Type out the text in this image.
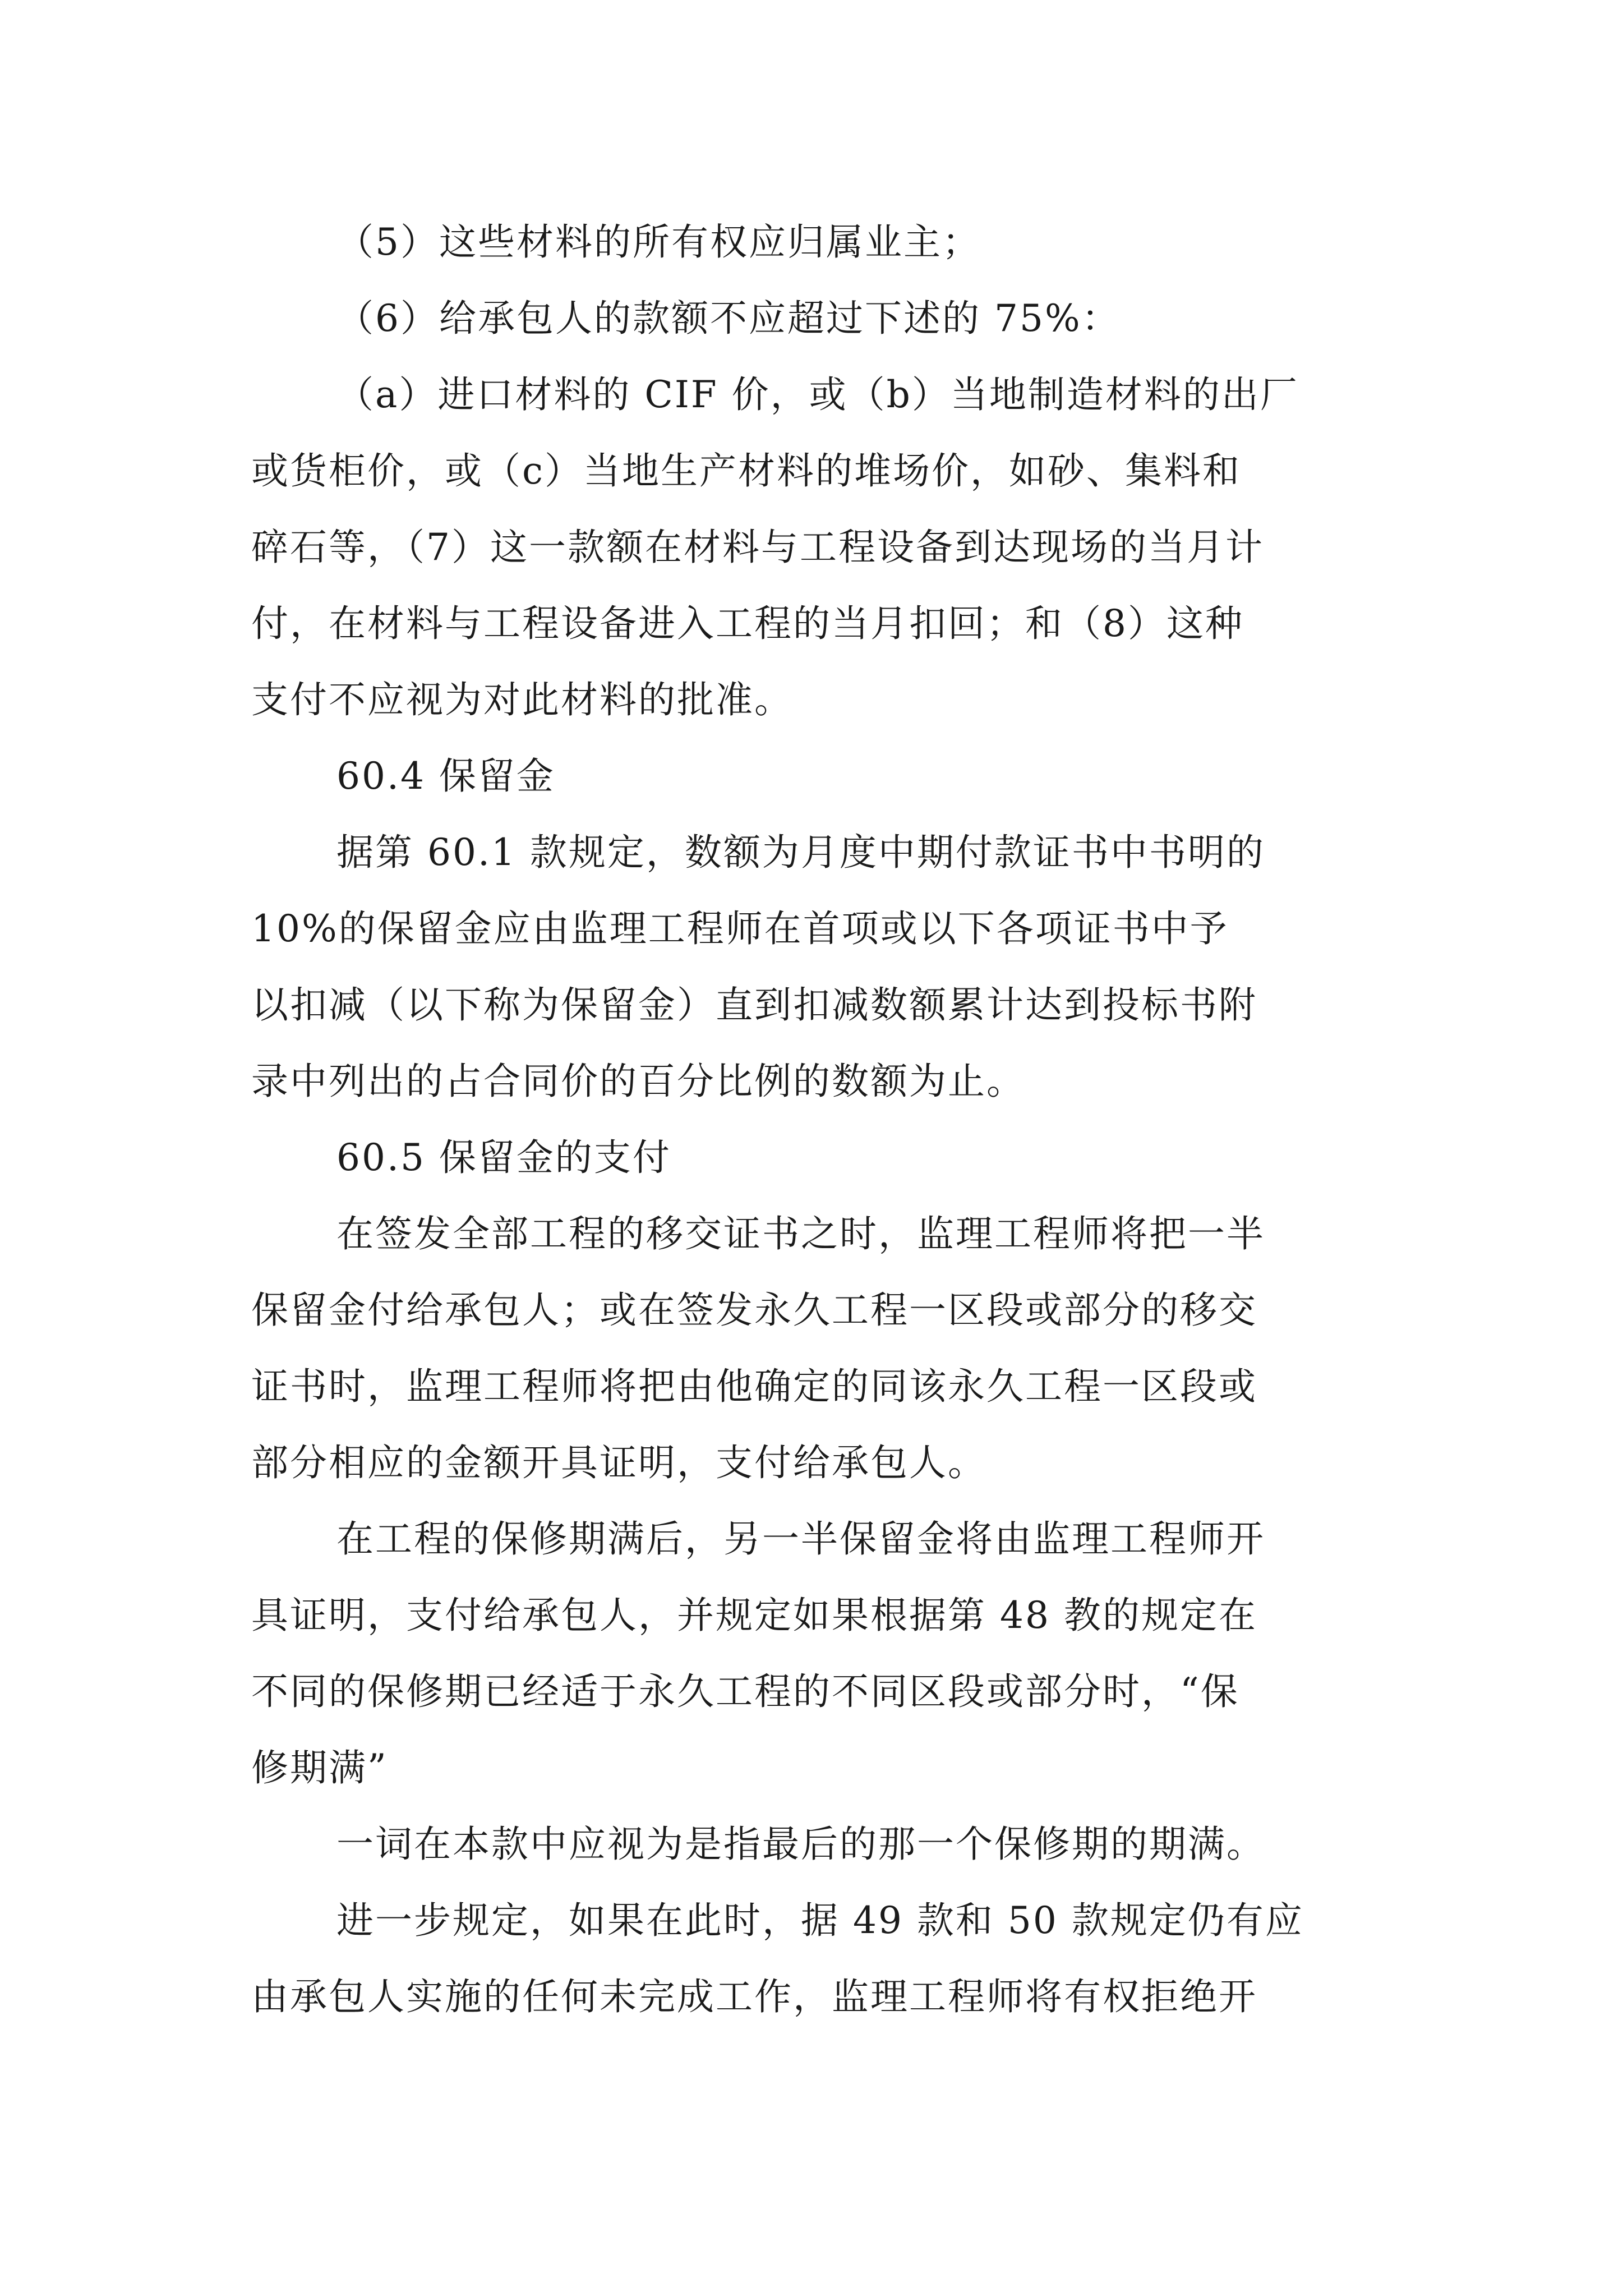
（5）这些材料的所有权应归属业主；

（6）给承包人的款额不应超过下述的 75%：

（a）进口材料的 CIF 价，或（b）当地制造材料的出厂

或货柜价，或（c）当地生产材料的堆场价，如砂、集料和

碎石等，（7）这一款额在材料与工程设备到达现场的当月计

付，在材料与工程设备进入工程的当月扣回；和（8）这种

支付不应视为对此材料的批准。

60.4 保留金

据第 60.1 款规定，数额为月度中期付款证书中书明的

10%的保留金应由监理工程师在首项或以下各项证书中予

以扣减（以下称为保留金）直到扣减数额累计达到投标书附

录中列出的占合同价的百分比例的数额为止。

60.5 保留金的支付

在签发全部工程的移交证书之时，监理工程师将把一半

保留金付给承包人；或在签发永久工程一区段或部分的移交

证书时，监理工程师将把由他确定的同该永久工程一区段或

部分相应的金额开具证明，支付给承包人。

在工程的保修期满后，另一半保留金将由监理工程师开

具证明，支付给承包人，并规定如果根据第 48 教的规定在

不同的保修期已经适于永久工程的不同区段或部分时，“保

修期满”

一词在本款中应视为是指最后的那一个保修期的期满。

进一步规定，如果在此时，据 49 款和 50 款规定仍有应

由承包人实施的任何未完成工作，监理工程师将有权拒绝开
